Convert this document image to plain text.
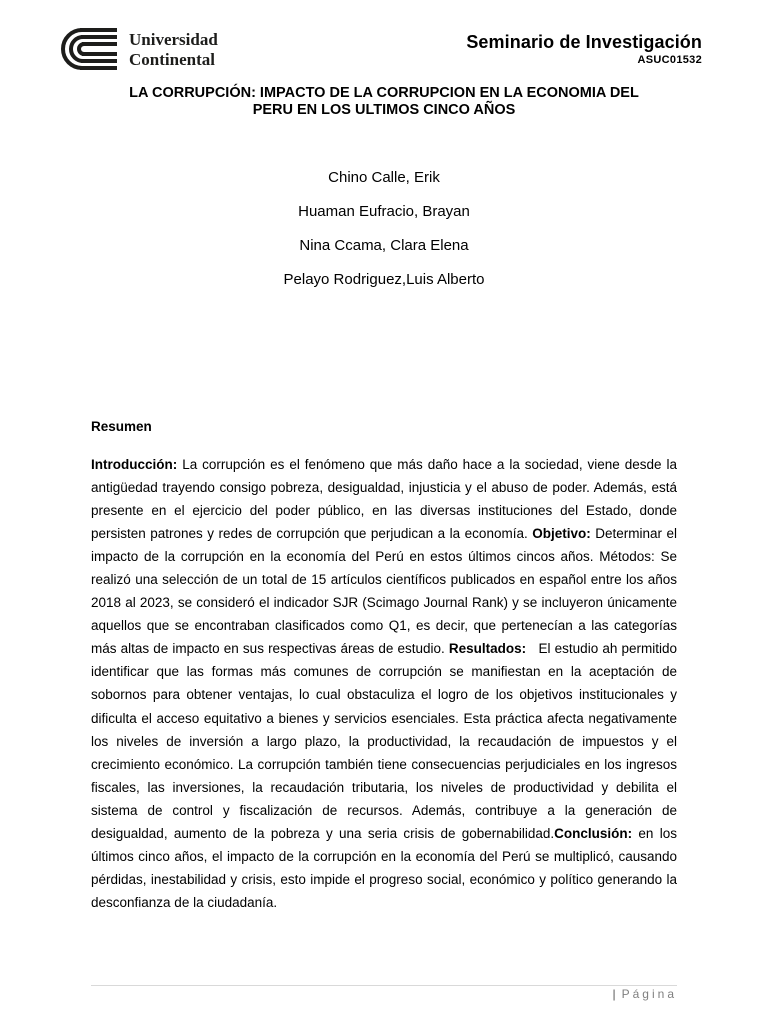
Universidad
Continental
Seminario de Investigación
ASUC01532
LA CORRUPCIÓN: IMPACTO DE LA CORRUPCION EN LA ECONOMIA DEL
PERU EN LOS ULTIMOS CINCO AÑOS
Chino Calle, Erik
Huaman Eufracio, Brayan
Nina Ccama, Clara Elena
Pelayo Rodriguez,Luis Alberto
Resumen
Introducción: La corrupción es el fenómeno que más daño hace a la sociedad, viene desde la antigüedad trayendo consigo pobreza, desigualdad, injusticia y el abuso de poder. Además, está presente en el ejercicio del poder público, en las diversas instituciones del Estado, donde persisten patrones y redes de corrupción que perjudican a la economía. Objetivo: Determinar el impacto de la corrupción en la economía del Perú en estos últimos cincos años. Métodos: Se realizó una selección de un total de 15 artículos científicos publicados en español entre los años 2018 al 2023, se consideró el indicador SJR (Scimago Journal Rank) y se incluyeron únicamente aquellos que se encontraban clasificados como Q1, es decir, que pertenecían a las categorías más altas de impacto en sus respectivas áreas de estudio. Resultados:   El estudio ah permitido identificar que las formas más comunes de corrupción se manifiestan en la aceptación de sobornos para obtener ventajas, lo cual obstaculiza el logro de los objetivos institucionales y dificulta el acceso equitativo a bienes y servicios esenciales. Esta práctica afecta negativamente los niveles de inversión a largo plazo, la productividad, la recaudación de impuestos y el crecimiento económico. La corrupción también tiene consecuencias perjudiciales en los ingresos fiscales, las inversiones, la recaudación tributaria, los niveles de productividad y debilita el sistema de control y fiscalización de recursos. Además, contribuye a la generación de desigualdad, aumento de la pobreza y una seria crisis de gobernabilidad.Conclusión: en los últimos cinco años, el impacto de la corrupción en la economía del Perú se multiplicó, causando pérdidas, inestabilidad y crisis, esto impide el progreso social, económico y político generando la desconfianza de la ciudadanía.
| Página
